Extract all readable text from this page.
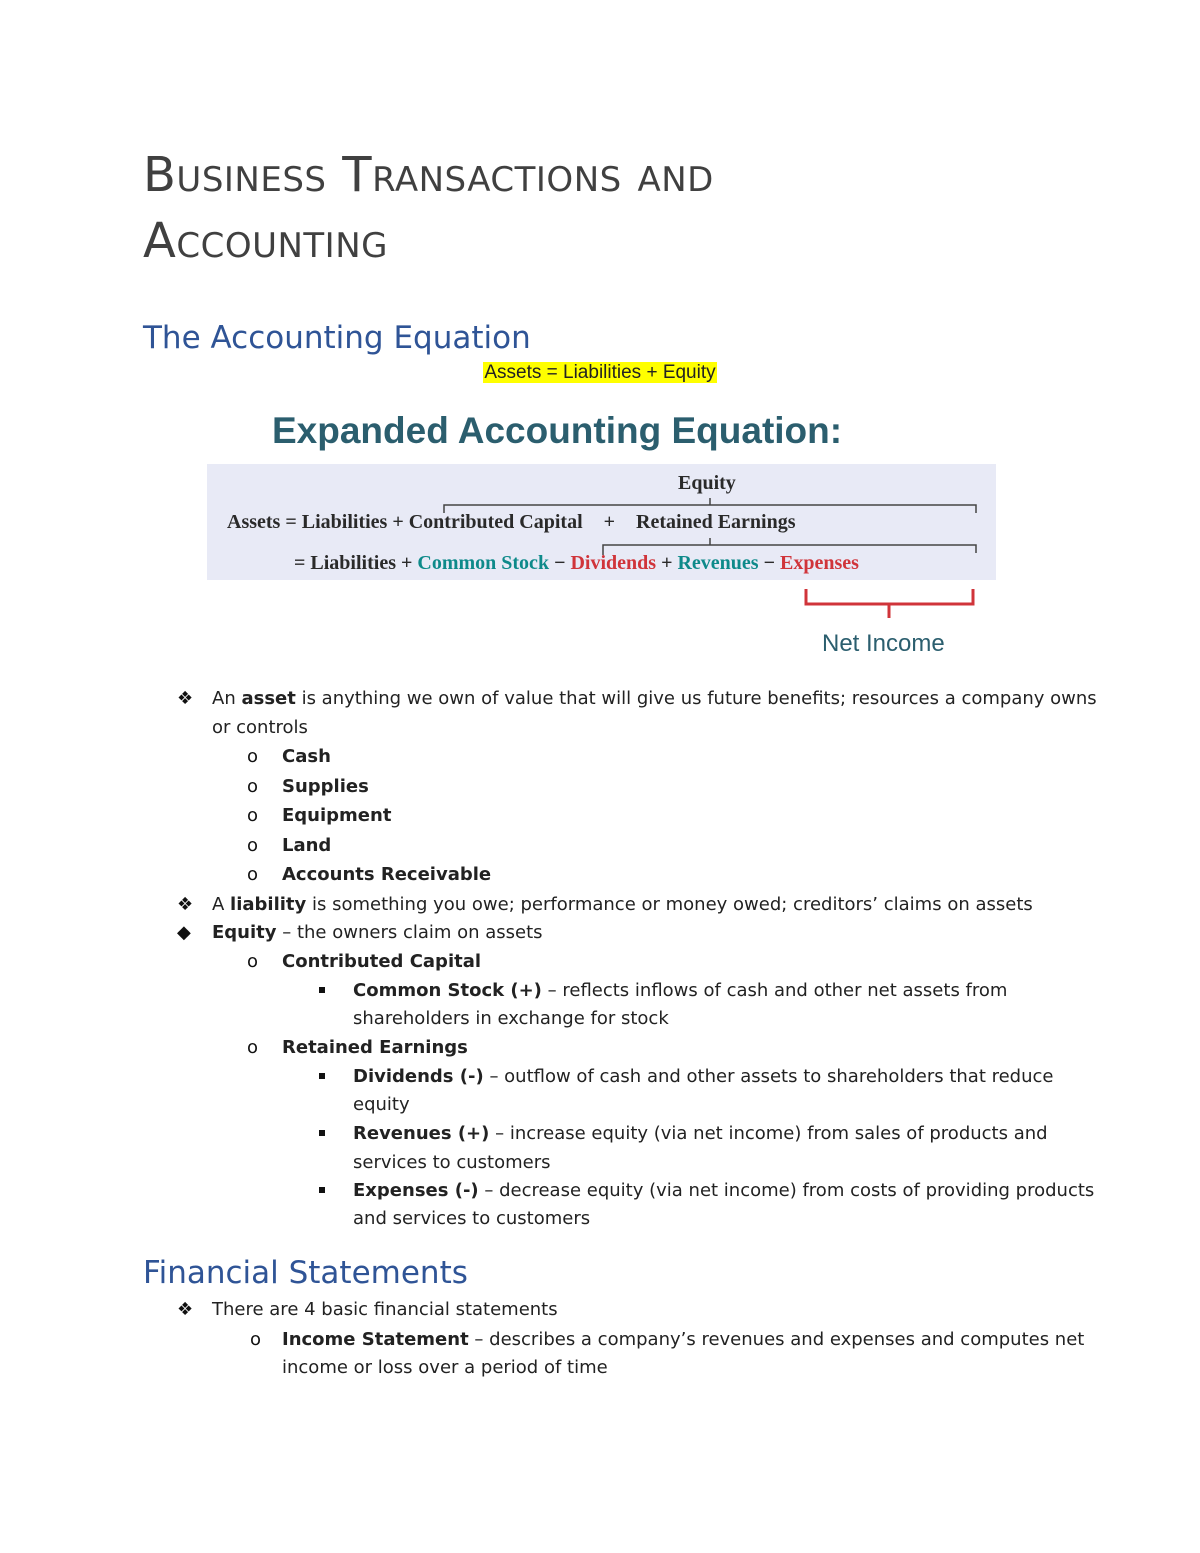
Business Transactions and
Accounting
The Accounting Equation
Assets = Liabilities + Equity
Expanded Accounting Equation:
Equity
Assets = Liabilities + Contributed Capital + Retained Earnings
= Liabilities + Common Stock − Dividends + Revenues − Expenses
Net Income
❖ An asset is anything we own of value that will give us future benefits; resources a company owns
or controls
o Cash
o Supplies
o Equipment
o Land
o Accounts Receivable
❖ A liability is something you owe; performance or money owed; creditors’ claims on assets
◆ Equity – the owners claim on assets
o Contributed Capital
Common Stock (+) – reflects inflows of cash and other net assets from
shareholders in exchange for stock
o Retained Earnings
Dividends (-) – outflow of cash and other assets to shareholders that reduce
equity
Revenues (+) – increase equity (via net income) from sales of products and
services to customers
Expenses (-) – decrease equity (via net income) from costs of providing products
and services to customers
Financial Statements
❖ There are 4 basic financial statements
o Income Statement – describes a company’s revenues and expenses and computes net
income or loss over a period of time
